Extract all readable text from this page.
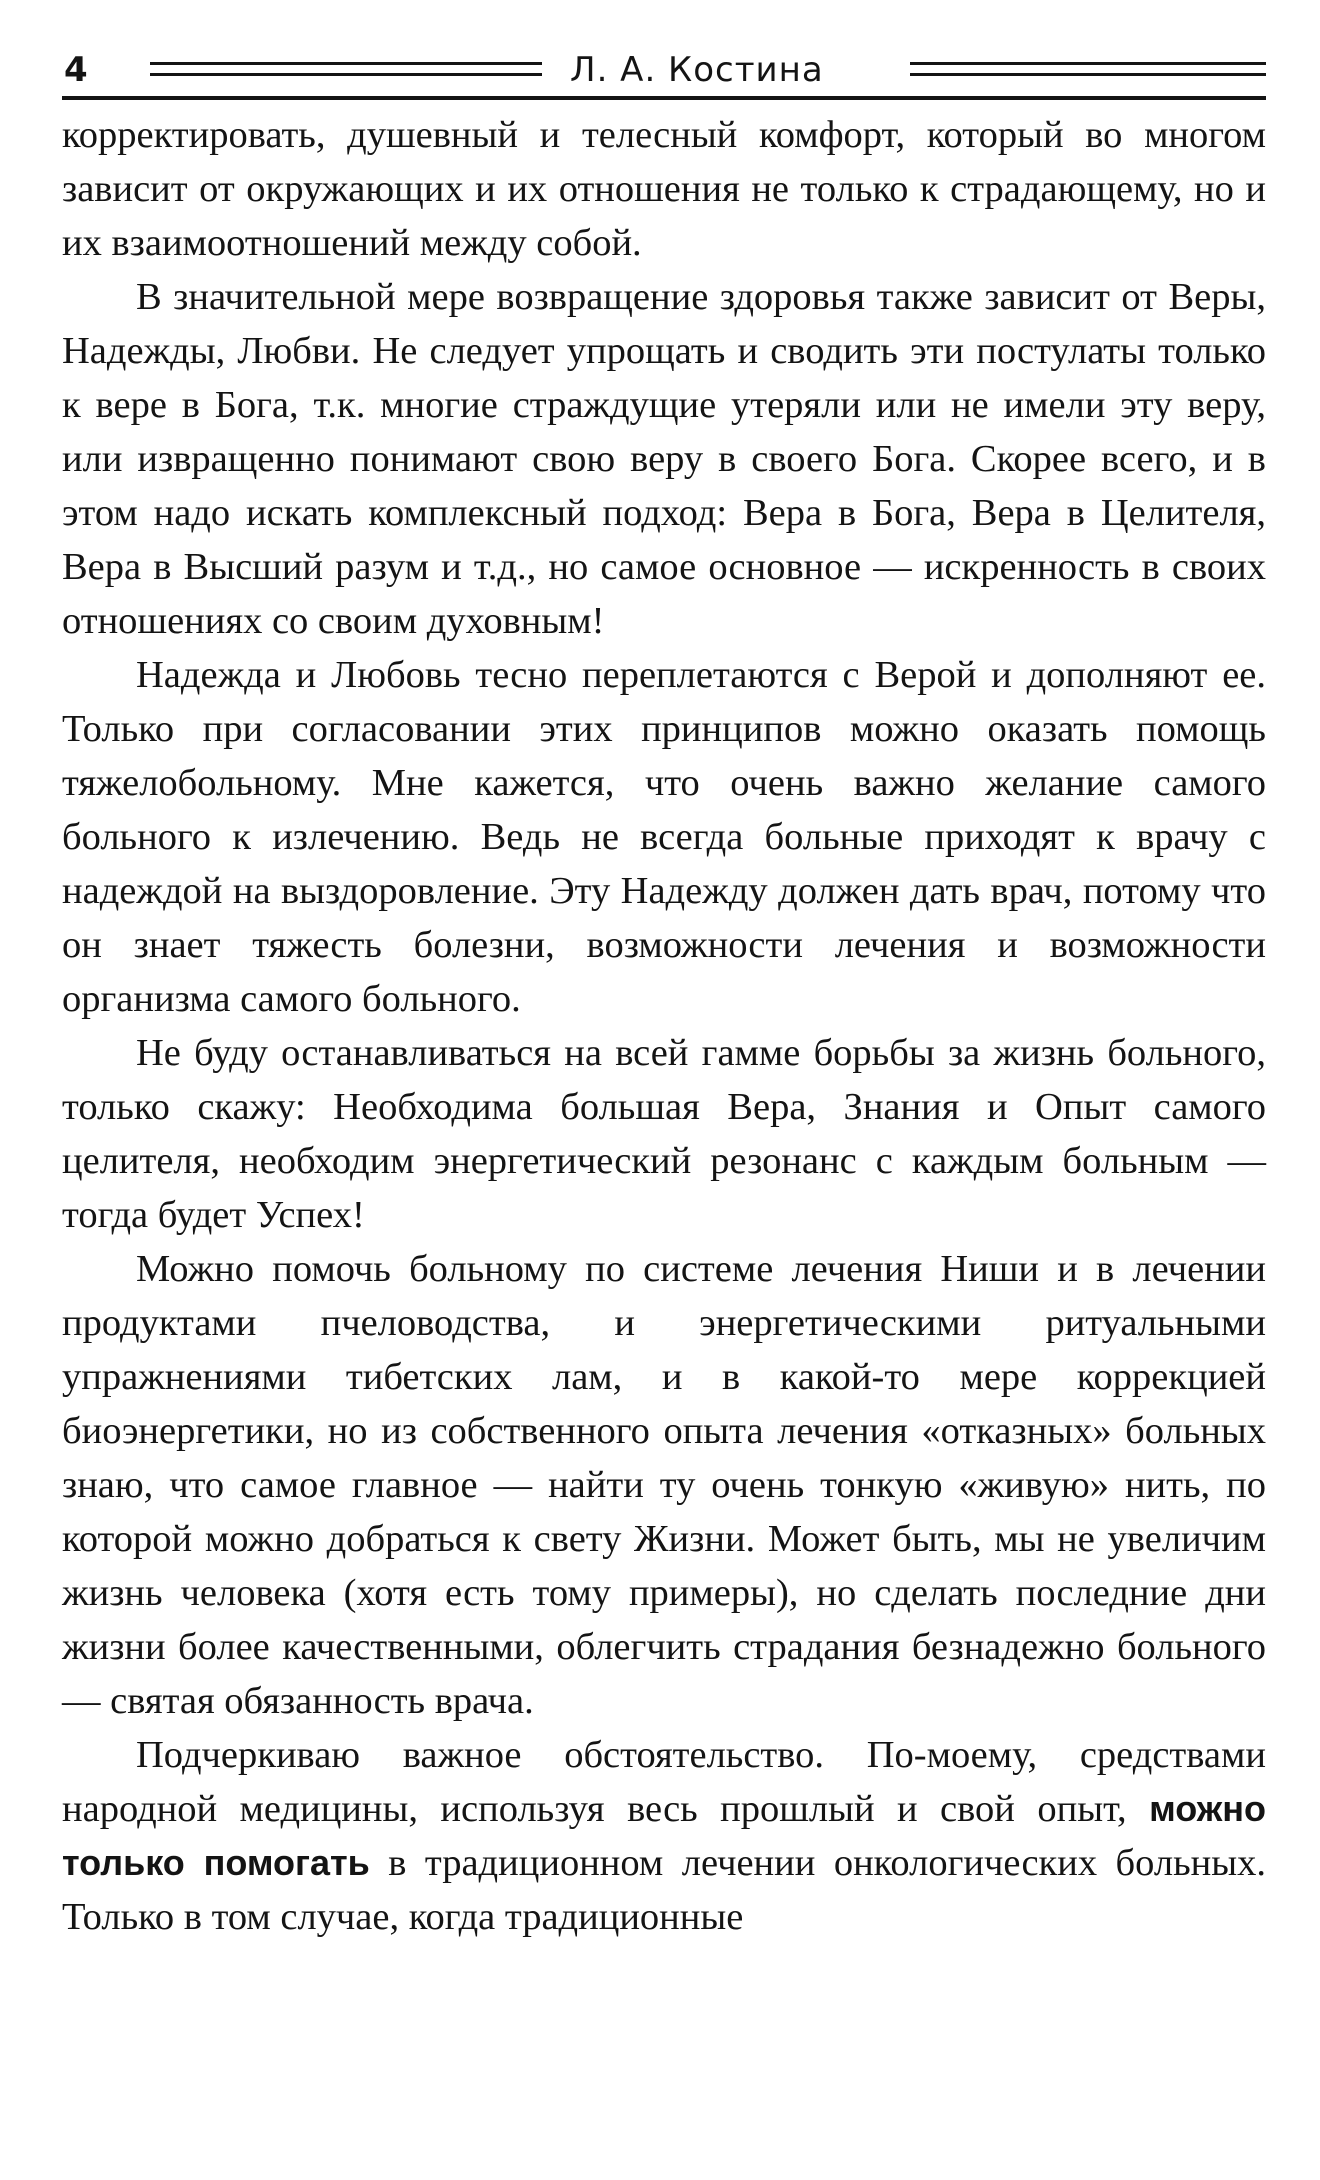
4	Л. А. Костина

корректировать, душевный и телесный комфорт, который во многом зависит от окружающих и их отношения не только к страдающему, но и их взаимоотношений между собой.

В значительной мере возвращение здоровья также зависит от Веры, Надежды, Любви. Не следует упрощать и сводить эти постулаты только к вере в Бога, т.к. многие страждущие утеряли или не имели эту веру, или извращенно понимают свою веру в своего Бога. Скорее всего, и в этом надо искать комплексный подход: Вера в Бога, Вера в Целителя, Вера в Высший разум и т.д., но самое основное — искренность в своих отношениях со своим духовным!

Надежда и Любовь тесно переплетаются с Верой и дополняют ее. Только при согласовании этих принципов можно оказать помощь тяжелобольному. Мне кажется, что очень важно желание самого больного к излечению. Ведь не всегда больные приходят к врачу с надеждой на выздоровление. Эту Надежду должен дать врач, потому что он знает тяжесть болезни, возможности лечения и возможности организма самого больного.

Не буду останавливаться на всей гамме борьбы за жизнь больного, только скажу: Необходима большая Вера, Знания и Опыт самого целителя, необходим энергетический резонанс с каждым больным — тогда будет Успех!

Можно помочь больному по системе лечения Ниши и в лечении продуктами пчеловодства, и энергетическими ритуальными упражнениями тибетских лам, и в какой-то мере коррекцией биоэнергетики, но из собственного опыта лечения «отказных» больных знаю, что самое главное — найти ту очень тонкую «живую» нить, по которой можно добраться к свету Жизни. Может быть, мы не увеличим жизнь человека (хотя есть тому примеры), но сделать последние дни жизни более качественными, облегчить страдания безнадежно больного — святая обязанность врача.

Подчеркиваю важное обстоятельство. По-моему, средствами народной медицины, используя весь прошлый и свой опыт, можно только помогать в традиционном лечении онкологических больных. Только в том случае, когда традиционные
